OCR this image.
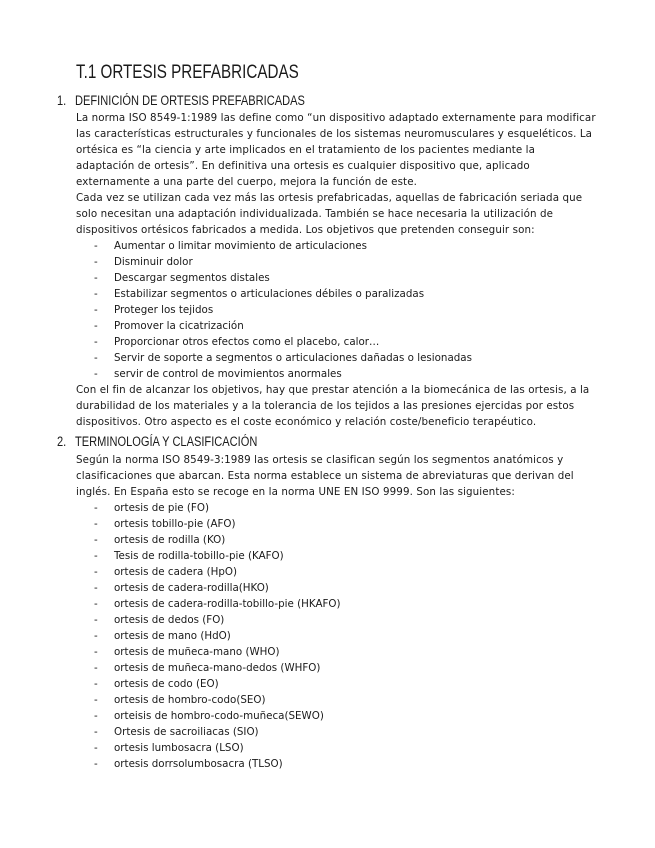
T.1 ORTESIS PREFABRICADAS
1. DEFINICIÓN DE ORTESIS PREFABRICADAS
La norma ISO 8549-1:1989 las define como “un dispositivo adaptado externamente para modificar
las características estructurales y funcionales de los sistemas neuromusculares y esqueléticos. La
ortésica es “la ciencia y arte implicados en el tratamiento de los pacientes mediante la
adaptación de ortesis”. En definitiva una ortesis es cualquier dispositivo que, aplicado
externamente a una parte del cuerpo, mejora la función de este.
Cada vez se utilizan cada vez más las ortesis prefabricadas, aquellas de fabricación seriada que
solo necesitan una adaptación individualizada. También se hace necesaria la utilización de
dispositivos ortésicos fabricados a medida. Los objetivos que pretenden conseguir son:
- Aumentar o limitar movimiento de articulaciones
- Disminuir dolor
- Descargar segmentos distales
- Estabilizar segmentos o articulaciones débiles o paralizadas
- Proteger los tejidos
- Promover la cicatrización
- Proporcionar otros efectos como el placebo, calor…
- Servir de soporte a segmentos o articulaciones dañadas o lesionadas
- servir de control de movimientos anormales
Con el fin de alcanzar los objetivos, hay que prestar atención a la biomecánica de las ortesis, a la
durabilidad de los materiales y a la tolerancia de los tejidos a las presiones ejercidas por estos
dispositivos. Otro aspecto es el coste económico y relación coste/beneficio terapéutico.
2. TERMINOLOGÍA Y CLASIFICACIÓN
Según la norma ISO 8549-3:1989 las ortesis se clasifican según los segmentos anatómicos y
clasificaciones que abarcan. Esta norma establece un sistema de abreviaturas que derivan del
inglés. En España esto se recoge en la norma UNE EN ISO 9999. Son las siguientes:
- ortesis de pie (FO)
- ortesis tobillo-pie (AFO)
- ortesis de rodilla (KO)
- Tesis de rodilla-tobillo-pie (KAFO)
- ortesis de cadera (HpO)
- ortesis de cadera-rodilla(HKO)
- ortesis de cadera-rodilla-tobillo-pie (HKAFO)
- ortesis de dedos (FO)
- ortesis de mano (HdO)
- ortesis de muñeca-mano (WHO)
- ortesis de muñeca-mano-dedos (WHFO)
- ortesis de codo (EO)
- ortesis de hombro-codo(SEO)
- orteisis de hombro-codo-muñeca(SEWO)
- Ortesis de sacroiliacas (SIO)
- ortesis lumbosacra (LSO)
- ortesis dorrsolumbosacra (TLSO)
